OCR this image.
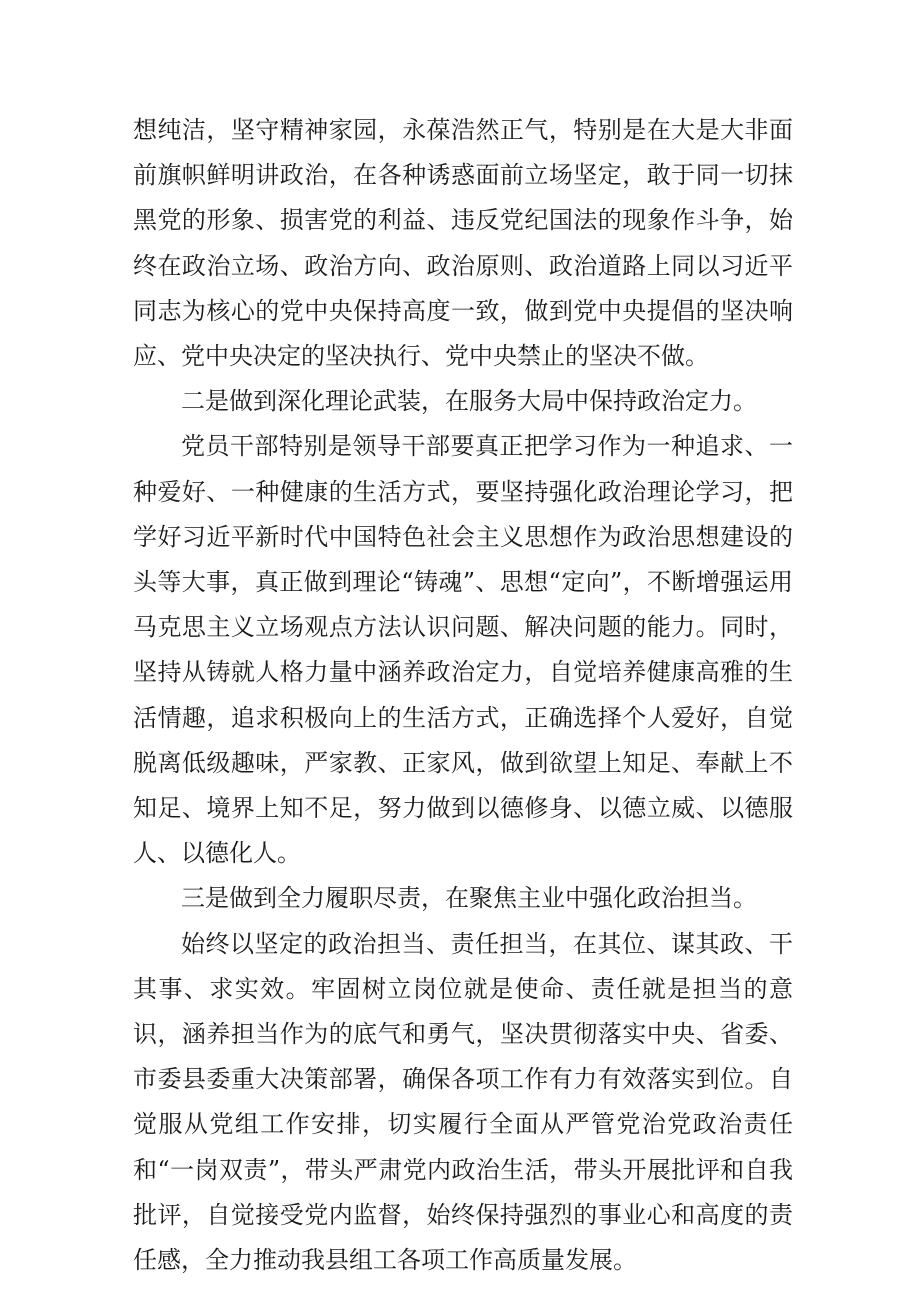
想纯洁，坚守精神家园，永葆浩然正气，特别是在大是大非面前旗帜鲜明讲政治，在各种诱惑面前立场坚定，敢于同一切抹黑党的形象、损害党的利益、违反党纪国法的现象作斗争，始终在政治立场、政治方向、政治原则、政治道路上同以习近平同志为核心的党中央保持高度一致，做到党中央提倡的坚决响应、党中央决定的坚决执行、党中央禁止的坚决不做。

二是做到深化理论武装，在服务大局中保持政治定力。

党员干部特别是领导干部要真正把学习作为一种追求、一种爱好、一种健康的生活方式，要坚持强化政治理论学习，把学好习近平新时代中国特色社会主义思想作为政治思想建设的头等大事，真正做到理论“铸魂”、思想“定向”，不断增强运用马克思主义立场观点方法认识问题、解决问题的能力。同时，坚持从铸就人格力量中涵养政治定力，自觉培养健康高雅的生活情趣，追求积极向上的生活方式，正确选择个人爱好，自觉脱离低级趣味，严家教、正家风，做到欲望上知足、奉献上不知足、境界上知不足，努力做到以德修身、以德立威、以德服人、以德化人。

三是做到全力履职尽责，在聚焦主业中强化政治担当。

始终以坚定的政治担当、责任担当，在其位、谋其政、干其事、求实效。牢固树立岗位就是使命、责任就是担当的意识，涵养担当作为的底气和勇气，坚决贯彻落实中央、省委、市委县委重大决策部署，确保各项工作有力有效落实到位。自觉服从党组工作安排，切实履行全面从严管党治党政治责任和“一岗双责”，带头严肃党内政治生活，带头开展批评和自我批评，自觉接受党内监督，始终保持强烈的事业心和高度的责任感，全力推动我县组工各项工作高质量发展。
